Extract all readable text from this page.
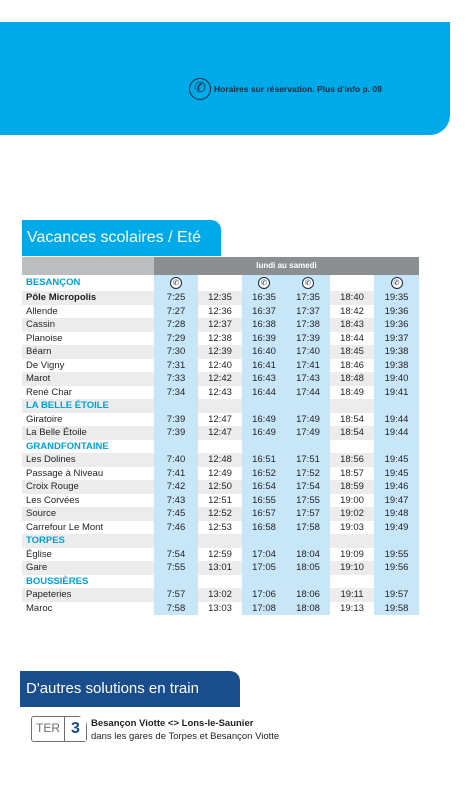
✆ Horaires sur réservation. Plus d'info p. 09
Vacances scolaires / Eté
	lundi au samedi					
BESANÇON	✆		✆	✆		✆
Pôle Micropolis	7:25	12:35	16:35	17:35	18:40	19:35
Allende	7:27	12:36	16:37	17:37	18:42	19:36
Cassin	7:28	12:37	16:38	17:38	18:43	19:36
Planoise	7:29	12:38	16:39	17:39	18:44	19:37
Béarn	7:30	12:39	16:40	17:40	18:45	19:38
De Vigny	7:31	12:40	16:41	17:41	18:46	19:38
Marot	7:33	12:42	16:43	17:43	18:48	19:40
René Char	7:34	12:43	16:44	17:44	18:49	19:41
LA BELLE ÉTOILE						
Giratoire	7:39	12:47	16:49	17:49	18:54	19:44
La Belle Étoile	7:39	12:47	16:49	17:49	18:54	19:44
GRANDFONTAINE						
Les Dolines	7:40	12:48	16:51	17:51	18:56	19:45
Passage à Niveau	7:41	12:49	16:52	17:52	18:57	19:45
Croix Rouge	7:42	12:50	16:54	17:54	18:59	19:46
Les Corvées	7:43	12:51	16:55	17:55	19:00	19:47
Source	7:45	12:52	16:57	17:57	19:02	19:48
Carrefour Le Mont	7:46	12:53	16:58	17:58	19:03	19:49
TORPES						
Église	7:54	12:59	17:04	18:04	19:09	19:55
Gare	7:55	13:01	17:05	18:05	19:10	19:56
BOUSSIÈRES						
Papeteries	7:57	13:02	17:06	18:06	19:11	19:57
Maroc	7:58	13:03	17:08	18:08	19:13	19:58
D'autres solutions en train
TER 3	Besançon Viotte <> Lons-le-Saunier
dans les gares de Torpes et Besançon Viotte
